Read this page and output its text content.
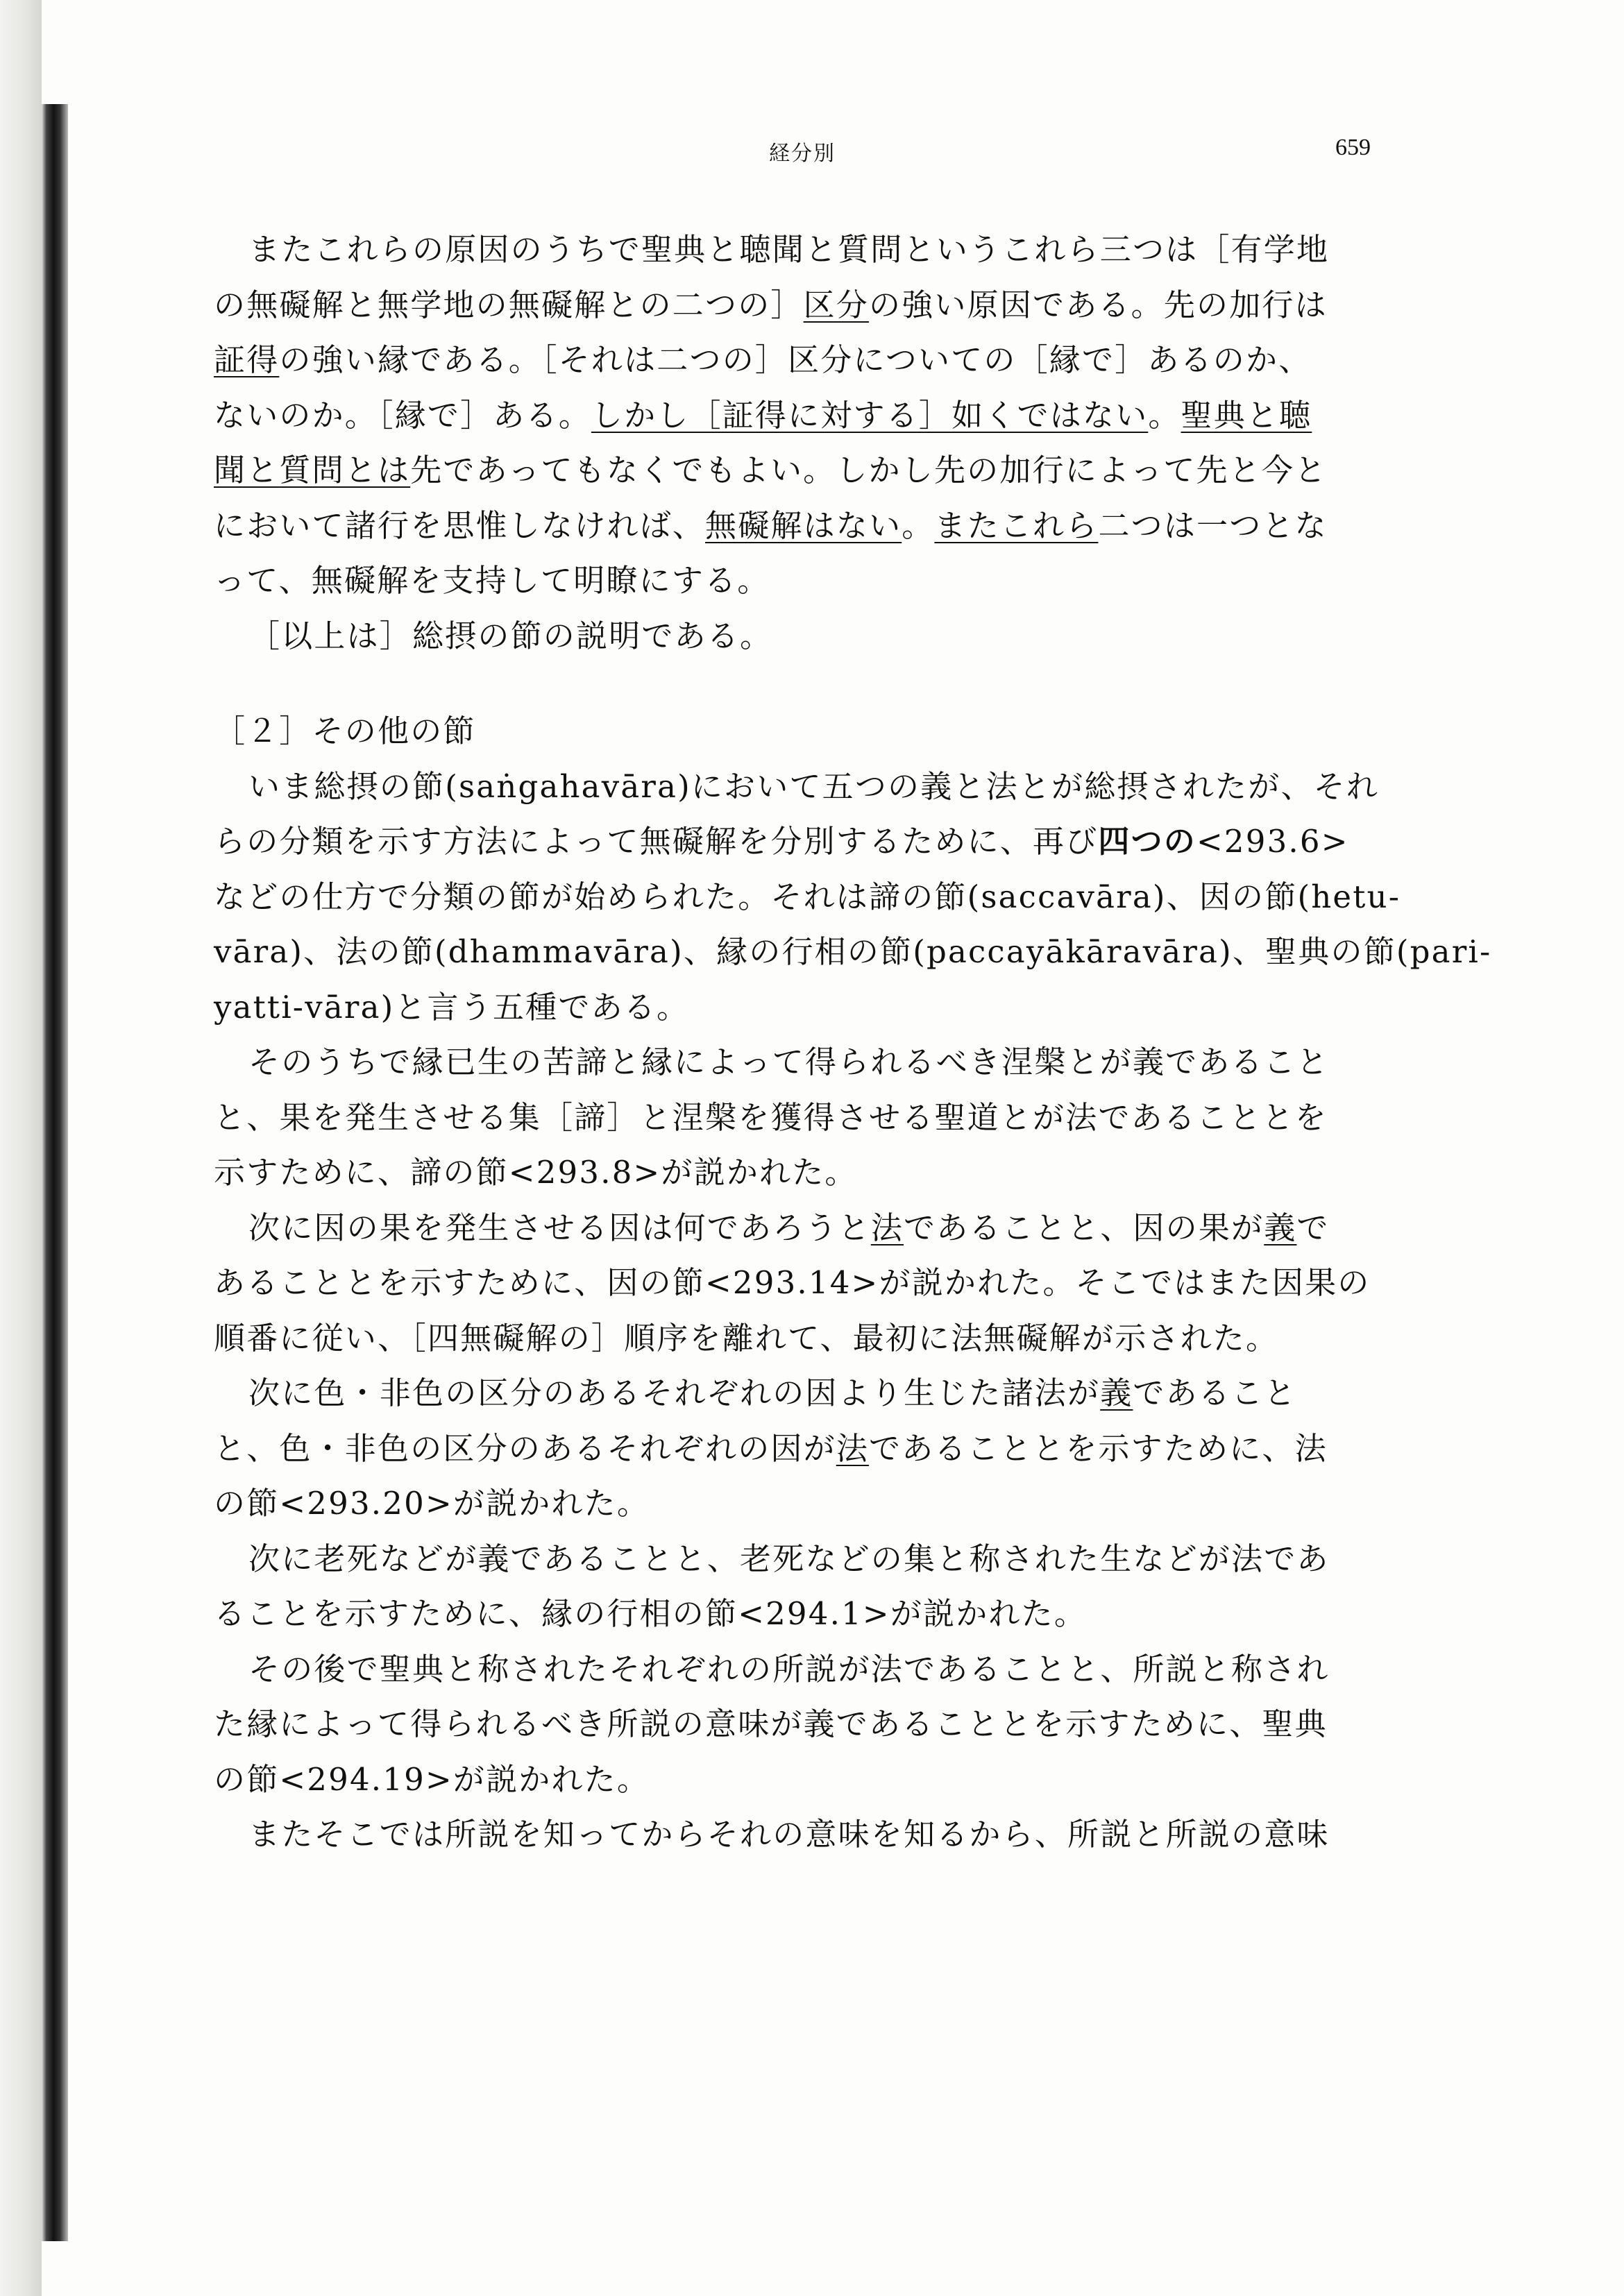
経分別	659
またこれらの原因のうちで聖典と聴聞と質問というこれら三つは［有学地
の無礙解と無学地の無礙解との二つの］区分の強い原因である。先の加行は
証得の強い縁である。［それは二つの］区分についての［縁で］あるのか、
ないのか。［縁で］ある。しかし［証得に対する］如くではない。聖典と聴
聞と質問とは先であってもなくでもよい。しかし先の加行によって先と今と
において諸行を思惟しなければ、無礙解はない。またこれら二つは一つとな
って、無礙解を支持して明瞭にする。
［以上は］総摂の節の説明である。
［２］その他の節
いま総摂の節(saṅgahavāra)において五つの義と法とが総摂されたが、それ
らの分類を示す方法によって無礙解を分別するために、再び四つの<293.6>
などの仕方で分類の節が始められた。それは諦の節(saccavāra)、因の節(hetu-
vāra)、法の節(dhammavāra)、縁の行相の節(paccayākāravāra)、聖典の節(pari-
yatti-vāra)と言う五種である。
そのうちで縁已生の苦諦と縁によって得られるべき涅槃とが義であること
と、果を発生させる集［諦］と涅槃を獲得させる聖道とが法であることとを
示すために、諦の節<293.8>が説かれた。
次に因の果を発生させる因は何であろうと法であることと、因の果が義で
あることとを示すために、因の節<293.14>が説かれた。そこではまた因果の
順番に従い、［四無礙解の］順序を離れて、最初に法無礙解が示された。
次に色・非色の区分のあるそれぞれの因より生じた諸法が義であること
と、色・非色の区分のあるそれぞれの因が法であることとを示すために、法
の節<293.20>が説かれた。
次に老死などが義であることと、老死などの集と称された生などが法であ
ることを示すために、縁の行相の節<294.1>が説かれた。
その後で聖典と称されたそれぞれの所説が法であることと、所説と称され
た縁によって得られるべき所説の意味が義であることとを示すために、聖典
の節<294.19>が説かれた。
またそこでは所説を知ってからそれの意味を知るから、所説と所説の意味
